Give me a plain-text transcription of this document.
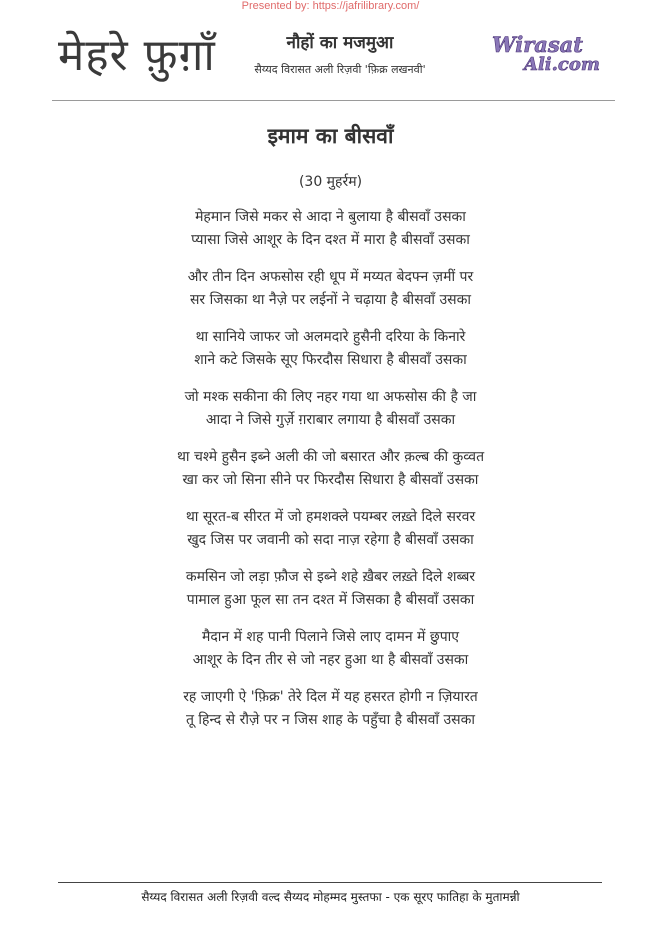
Presented by: https://jafrilibrary.com/
मेहरे फ़ुग़ाँ	नौहों का मजमुआ
सैय्यद विरासत अली रिज़वी 'फ़िक्र लखनवी'
Wirasat
Ali.com
इमाम का बीसवाँ
(30 मुहर्रम)
मेहमान जिसे मकर से आदा ने बुलाया है बीसवाँ उसका
प्यासा जिसे आशूर के दिन दश्त में मारा है बीसवाँ उसका
और तीन दिन अफसोस रही धूप में मय्यत बेदफ्न ज़मीं पर
सर जिसका था नैज़े पर लईनों ने चढ़ाया है बीसवाँ उसका
था सानिये जाफर जो अलमदारे हुसैनी दरिया के किनारे
शाने कटे जिसके सूए फिरदौस सिधारा है बीसवाँ उसका
जो मश्क सकीना की लिए नहर गया था अफसोस की है जा
आदा ने जिसे गुर्ज़े ग़राबार लगाया है बीसवाँ उसका
था चश्मे हुसैन इब्ने अली की जो बसारत और क़ल्ब की कुव्वत
खा कर जो सिना सीने पर फिरदौस सिधारा है बीसवाँ उसका
था सूरत-ब सीरत में जो हमशक्ले पयम्बर लख़्ते दिले सरवर
खुद जिस पर जवानी को सदा नाज़ रहेगा है बीसवाँ उसका
कमसिन जो लड़ा फ़ौज से इब्ने शहे ख़ैबर लख़्ते दिले शब्बर
पामाल हुआ फूल सा तन दश्त में जिसका है बीसवाँ उसका
मैदान में शह पानी पिलाने जिसे लाए दामन में छुपाए
आशूर के दिन तीर से जो नहर हुआ था है बीसवाँ उसका
रह जाएगी ऐ 'फ़िक्र' तेरे दिल में यह हसरत होगी न ज़ियारत
तू हिन्द से रौज़े पर न जिस शाह के पहुँचा है बीसवाँ उसका
सैय्यद विरासत अली रिज़वी वल्द सैय्यद मोहम्मद मुस्तफा - एक सूरए फातिहा के मुतामन्नी
